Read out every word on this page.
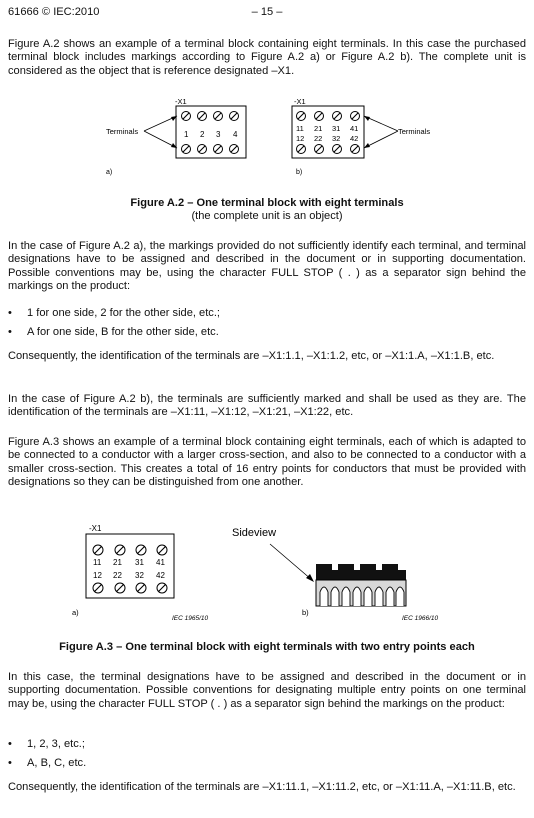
61666 © IEC:2010	– 15 –
Figure A.2 shows an example of a terminal block containing eight terminals. In this case the purchased terminal block includes markings according to Figure A.2 a) or Figure A.2 b). The complete unit is considered as the object that is reference designated –X1.
-X1
Terminals	1 2 3 4
a)
-X1
11 21 31 41
12 22 32 42
Terminals
b)
Figure A.2 – One terminal block with eight terminals
(the complete unit is an object)
In the case of Figure A.2 a), the markings provided do not sufficiently identify each terminal, and terminal designations have to be assigned and described in the document or in supporting documentation. Possible conventions may be, using the character FULL STOP ( . ) as a separator sign behind the markings on the product:
• 1 for one side, 2 for the other side, etc.;
• A for one side, B for the other side, etc.
Consequently, the identification of the terminals are –X1:1.1, –X1:1.2, etc, or –X1:1.A, –X1:1.B, etc.
In the case of Figure A.2 b), the terminals are sufficiently marked and shall be used as they are. The identification of the terminals are –X1:11, –X1:12, –X1:21, –X1:22, etc.
Figure A.3 shows an example of a terminal block containing eight terminals, each of which is adapted to be connected to a conductor with a larger cross-section, and also to be connected to a conductor with a smaller cross-section. This creates a total of 16 entry points for conductors that must be provided with designations so they can be distinguished from one another.
-X1
11 21 31 41
12 22 32 42
a)
IEC 1965/10
Sideview
b)
IEC 1966/10
Figure A.3 – One terminal block with eight terminals with two entry points each
In this case, the terminal designations have to be assigned and described in the document or in supporting documentation. Possible conventions for designating multiple entry points on one terminal may be, using the character FULL STOP ( . ) as a separator sign behind the markings on the product:
• 1, 2, 3, etc.;
• A, B, C, etc.
Consequently, the identification of the terminals are –X1:11.1, –X1:11.2, etc, or –X1:11.A, –X1:11.B, etc.
